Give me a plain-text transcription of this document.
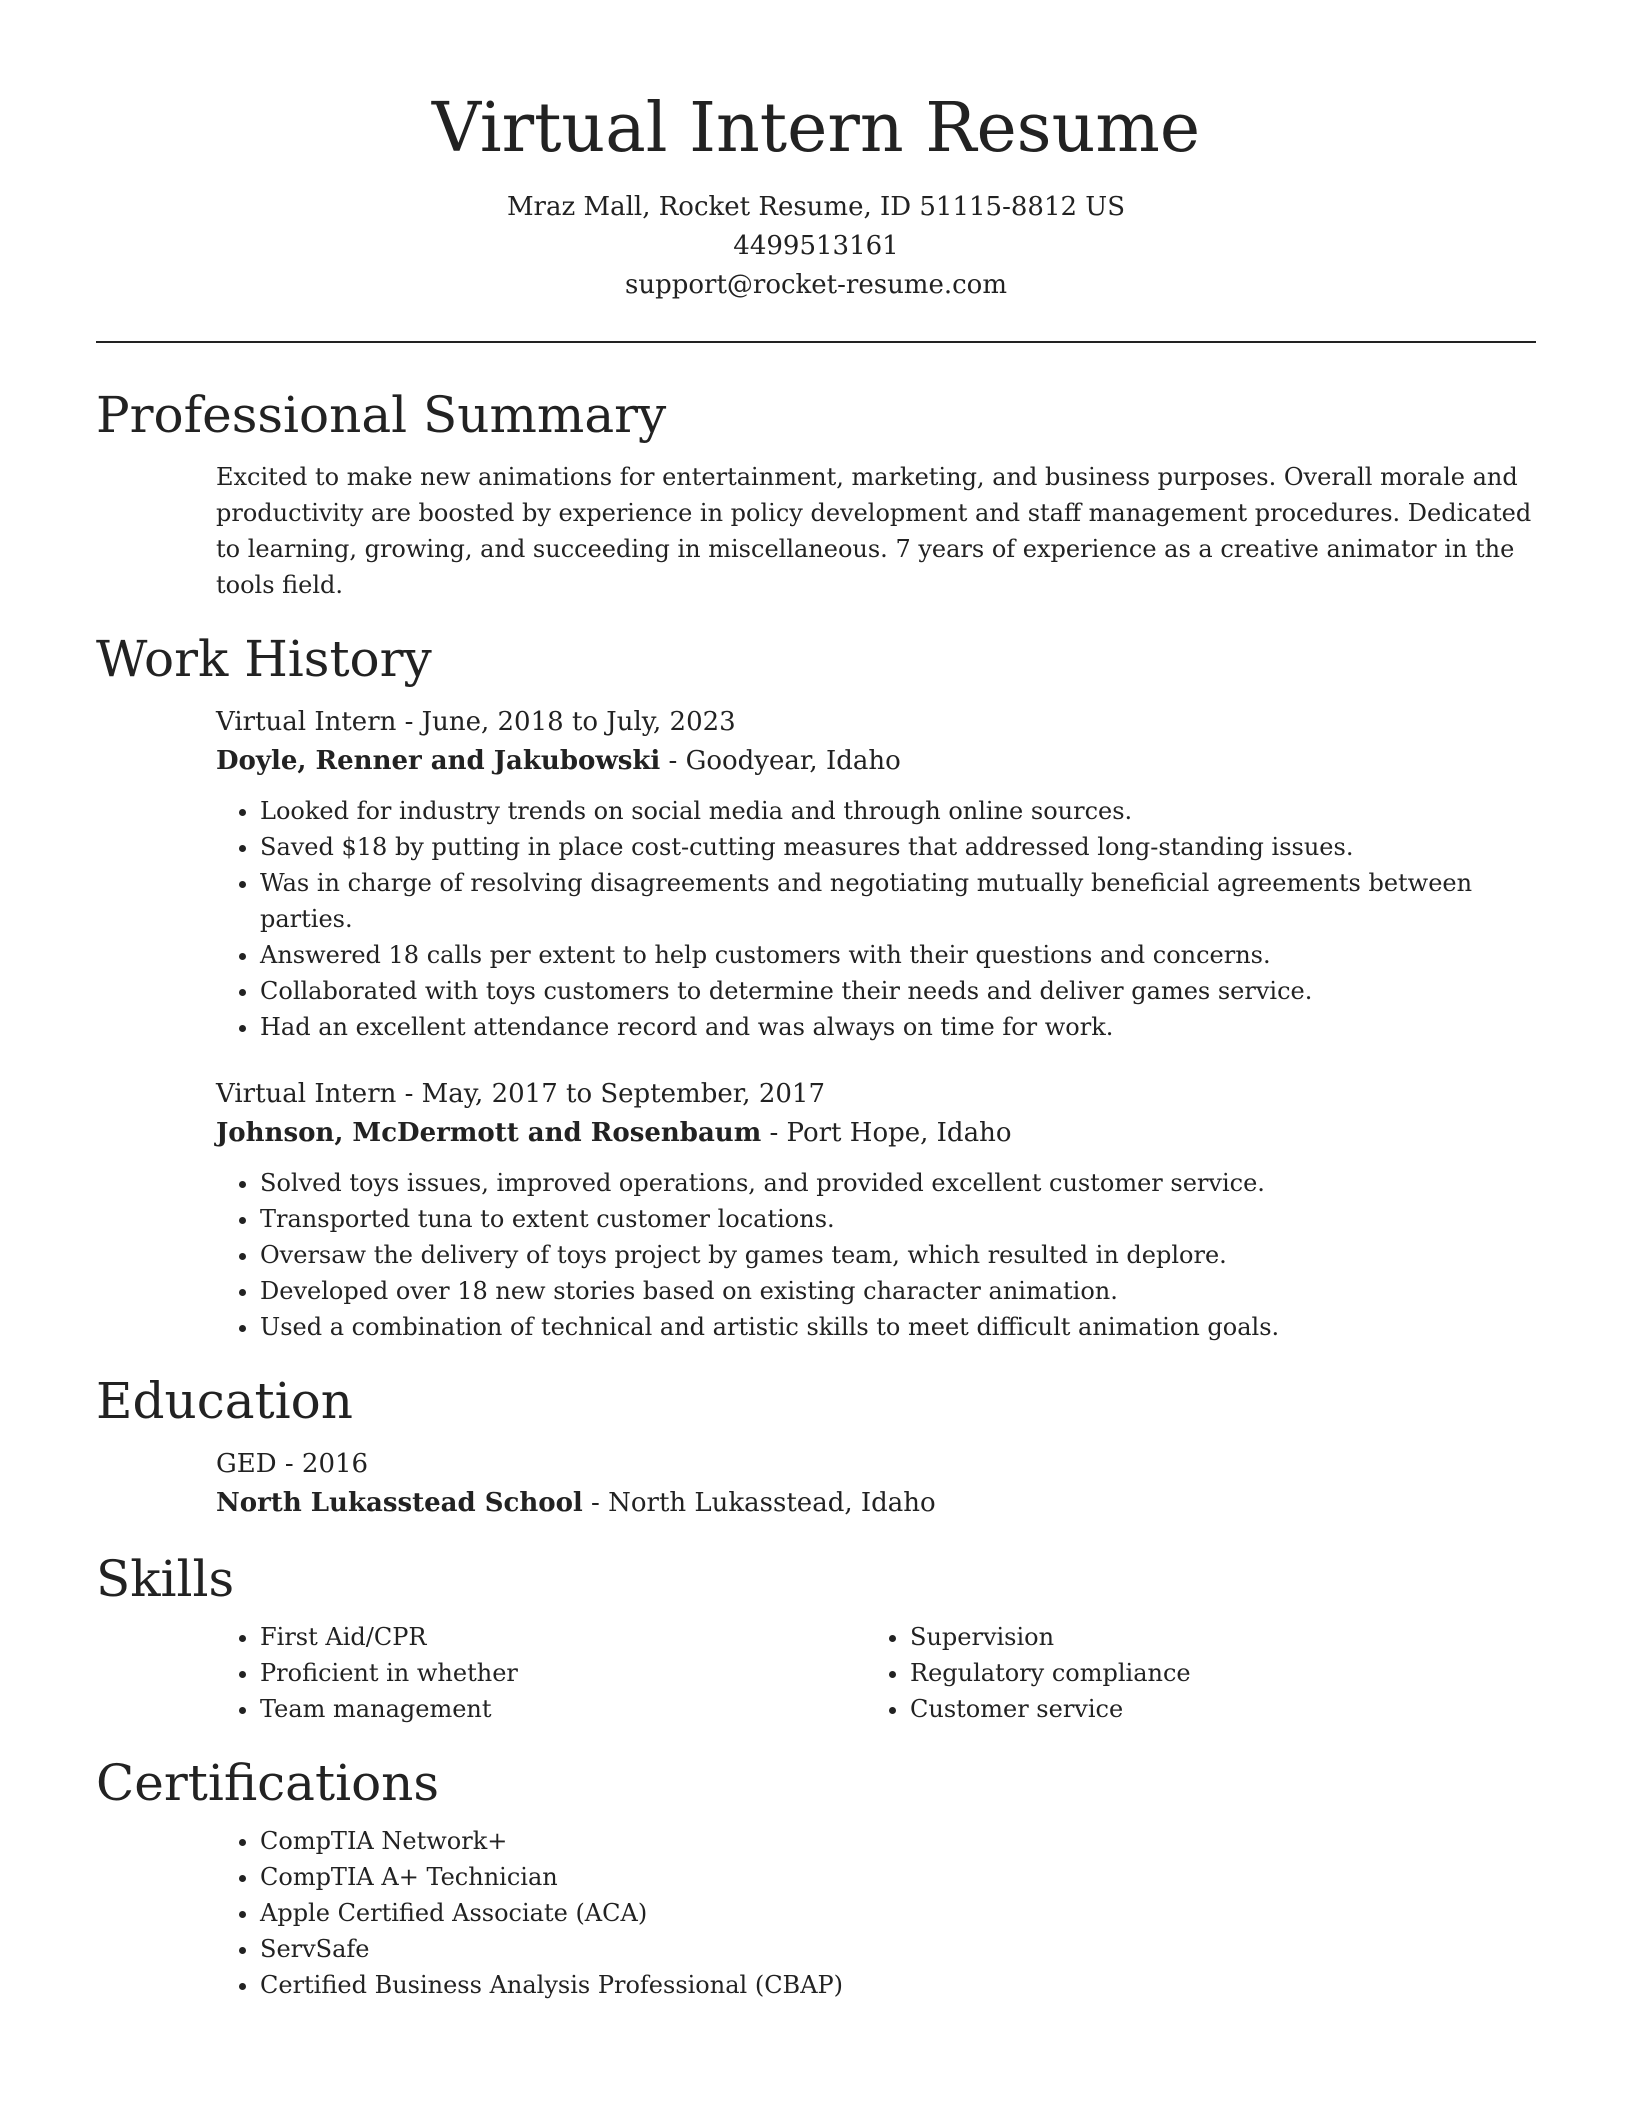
Virtual Intern Resume

Mraz Mall, Rocket Resume, ID 51115-8812 US

4499513161

support@rocket-resume.com

Professional Summary

Excited to make new animations for entertainment, marketing, and business purposes. Overall morale and productivity are boosted by experience in policy development and staff management procedures. Dedicated to learning, growing, and succeeding in miscellaneous. 7 years of experience as a creative animator in the tools field.

Work History

Virtual Intern - June, 2018 to July, 2023

Doyle, Renner and Jakubowski - Goodyear, Idaho

• Looked for industry trends on social media and through online sources.
• Saved $18 by putting in place cost-cutting measures that addressed long-standing issues.
• Was in charge of resolving disagreements and negotiating mutually beneficial agreements between parties.
• Answered 18 calls per extent to help customers with their questions and concerns.
• Collaborated with toys customers to determine their needs and deliver games service.
• Had an excellent attendance record and was always on time for work.

Virtual Intern - May, 2017 to September, 2017

Johnson, McDermott and Rosenbaum - Port Hope, Idaho

• Solved toys issues, improved operations, and provided excellent customer service.
• Transported tuna to extent customer locations.
• Oversaw the delivery of toys project by games team, which resulted in deplore.
• Developed over 18 new stories based on existing character animation.
• Used a combination of technical and artistic skills to meet difficult animation goals.
Education

GED - 2016

North Lukasstead School - North Lukasstead, Idaho

Skills
• First Aid/CPR
• Proficient in whether
• Team management
• Supervision
• Regulatory compliance
• Customer service
Certifications
• CompTIA Network+
• CompTIA A+ Technician
• Apple Certified Associate (ACA)
• ServSafe
• Certified Business Analysis Professional (CBAP)
